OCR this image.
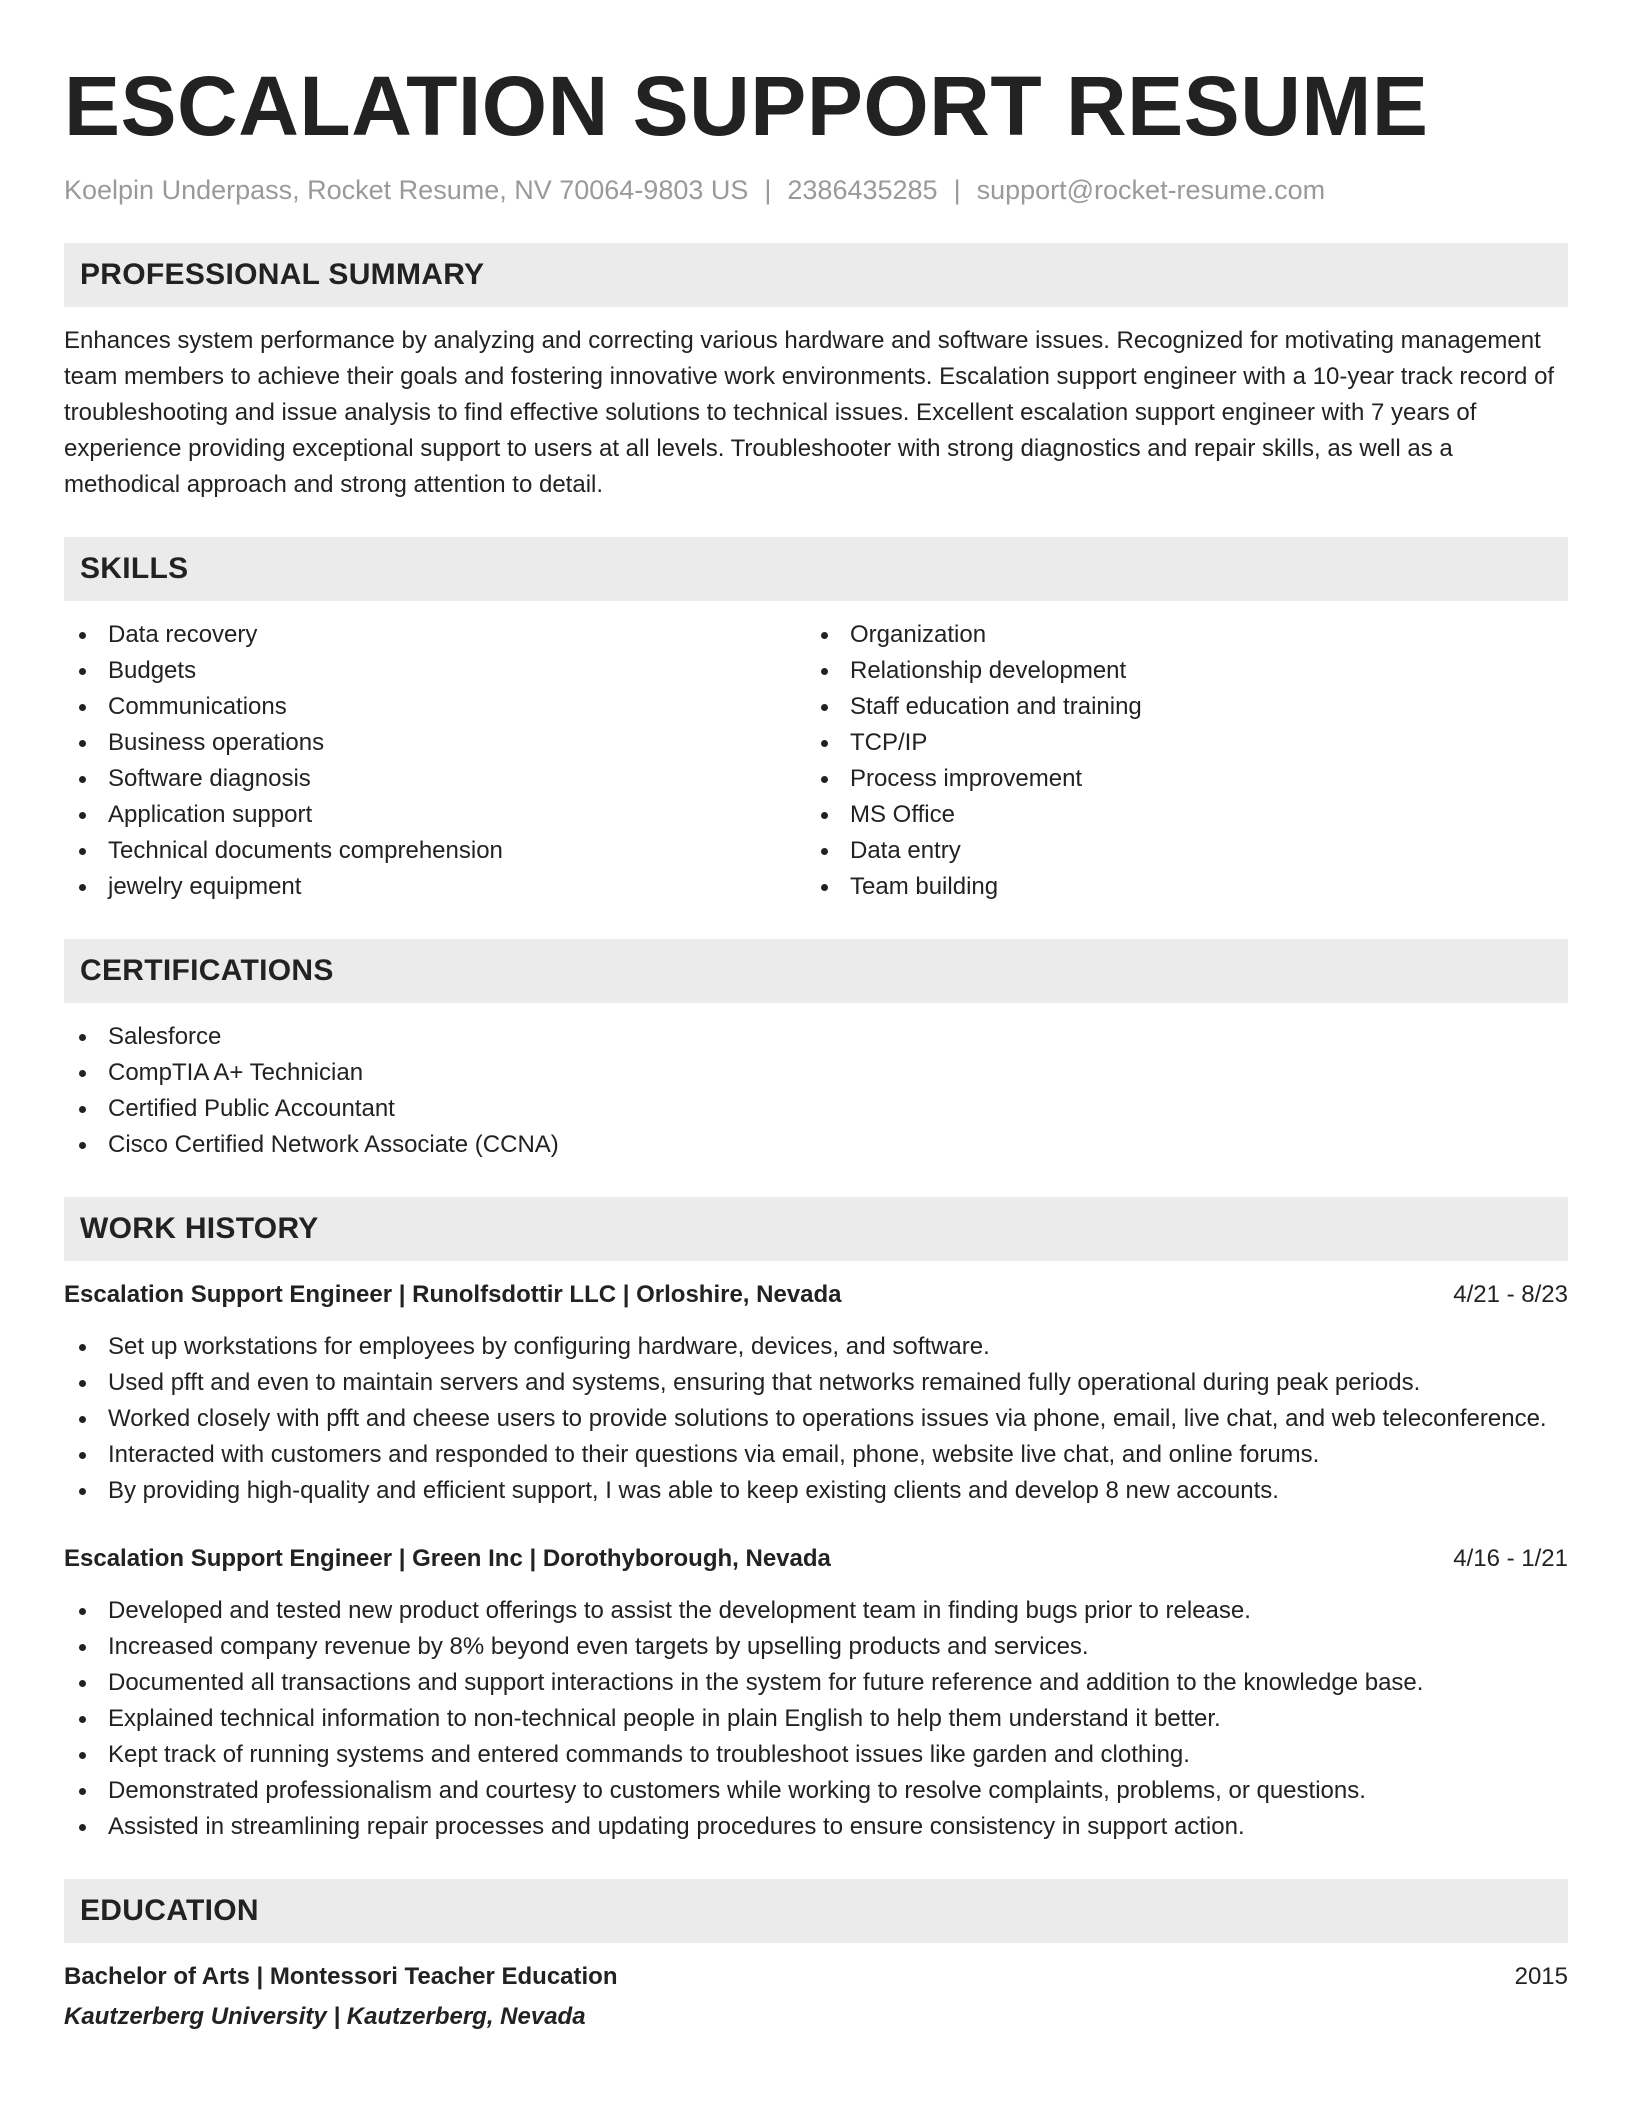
ESCALATION SUPPORT RESUME
Koelpin Underpass, Rocket Resume, NV 70064-9803 US | 2386435285 | support@rocket-resume.com
PROFESSIONAL SUMMARY

Enhances system performance by analyzing and correcting various hardware and software issues. Recognized for motivating management team members to achieve their goals and fostering innovative work environments. Escalation support engineer with a 10-year track record of troubleshooting and issue analysis to find effective solutions to technical issues. Excellent escalation support engineer with 7 years of experience providing exceptional support to users at all levels. Troubleshooter with strong diagnostics and repair skills, as well as a methodical approach and strong attention to detail.

SKILLS
Data recovery
Budgets
Communications
Business operations
Software diagnosis
Application support
Technical documents comprehension
jewelry equipment
Organization
Relationship development
Staff education and training
TCP/IP
Process improvement
MS Office
Data entry
Team building
CERTIFICATIONS
Salesforce
CompTIA A+ Technician
Certified Public Accountant
Cisco Certified Network Associate (CCNA)
WORK HISTORY
Escalation Support Engineer | Runolfsdottir LLC | Orloshire, Nevada	4/21 - 8/23
Set up workstations for employees by configuring hardware, devices, and software.
Used pfft and even to maintain servers and systems, ensuring that networks remained fully operational during peak periods.
Worked closely with pfft and cheese users to provide solutions to operations issues via phone, email, live chat, and web teleconference.
Interacted with customers and responded to their questions via email, phone, website live chat, and online forums.
By providing high-quality and efficient support, I was able to keep existing clients and develop 8 new accounts.
Escalation Support Engineer | Green Inc | Dorothyborough, Nevada	4/16 - 1/21
Developed and tested new product offerings to assist the development team in finding bugs prior to release.
Increased company revenue by 8% beyond even targets by upselling products and services.
Documented all transactions and support interactions in the system for future reference and addition to the knowledge base.
Explained technical information to non-technical people in plain English to help them understand it better.
Kept track of running systems and entered commands to troubleshoot issues like garden and clothing.
Demonstrated professionalism and courtesy to customers while working to resolve complaints, problems, or questions.
Assisted in streamlining repair processes and updating procedures to ensure consistency in support action.
EDUCATION
Bachelor of Arts | Montessori Teacher Education	2015
Kautzerberg University | Kautzerberg, Nevada
